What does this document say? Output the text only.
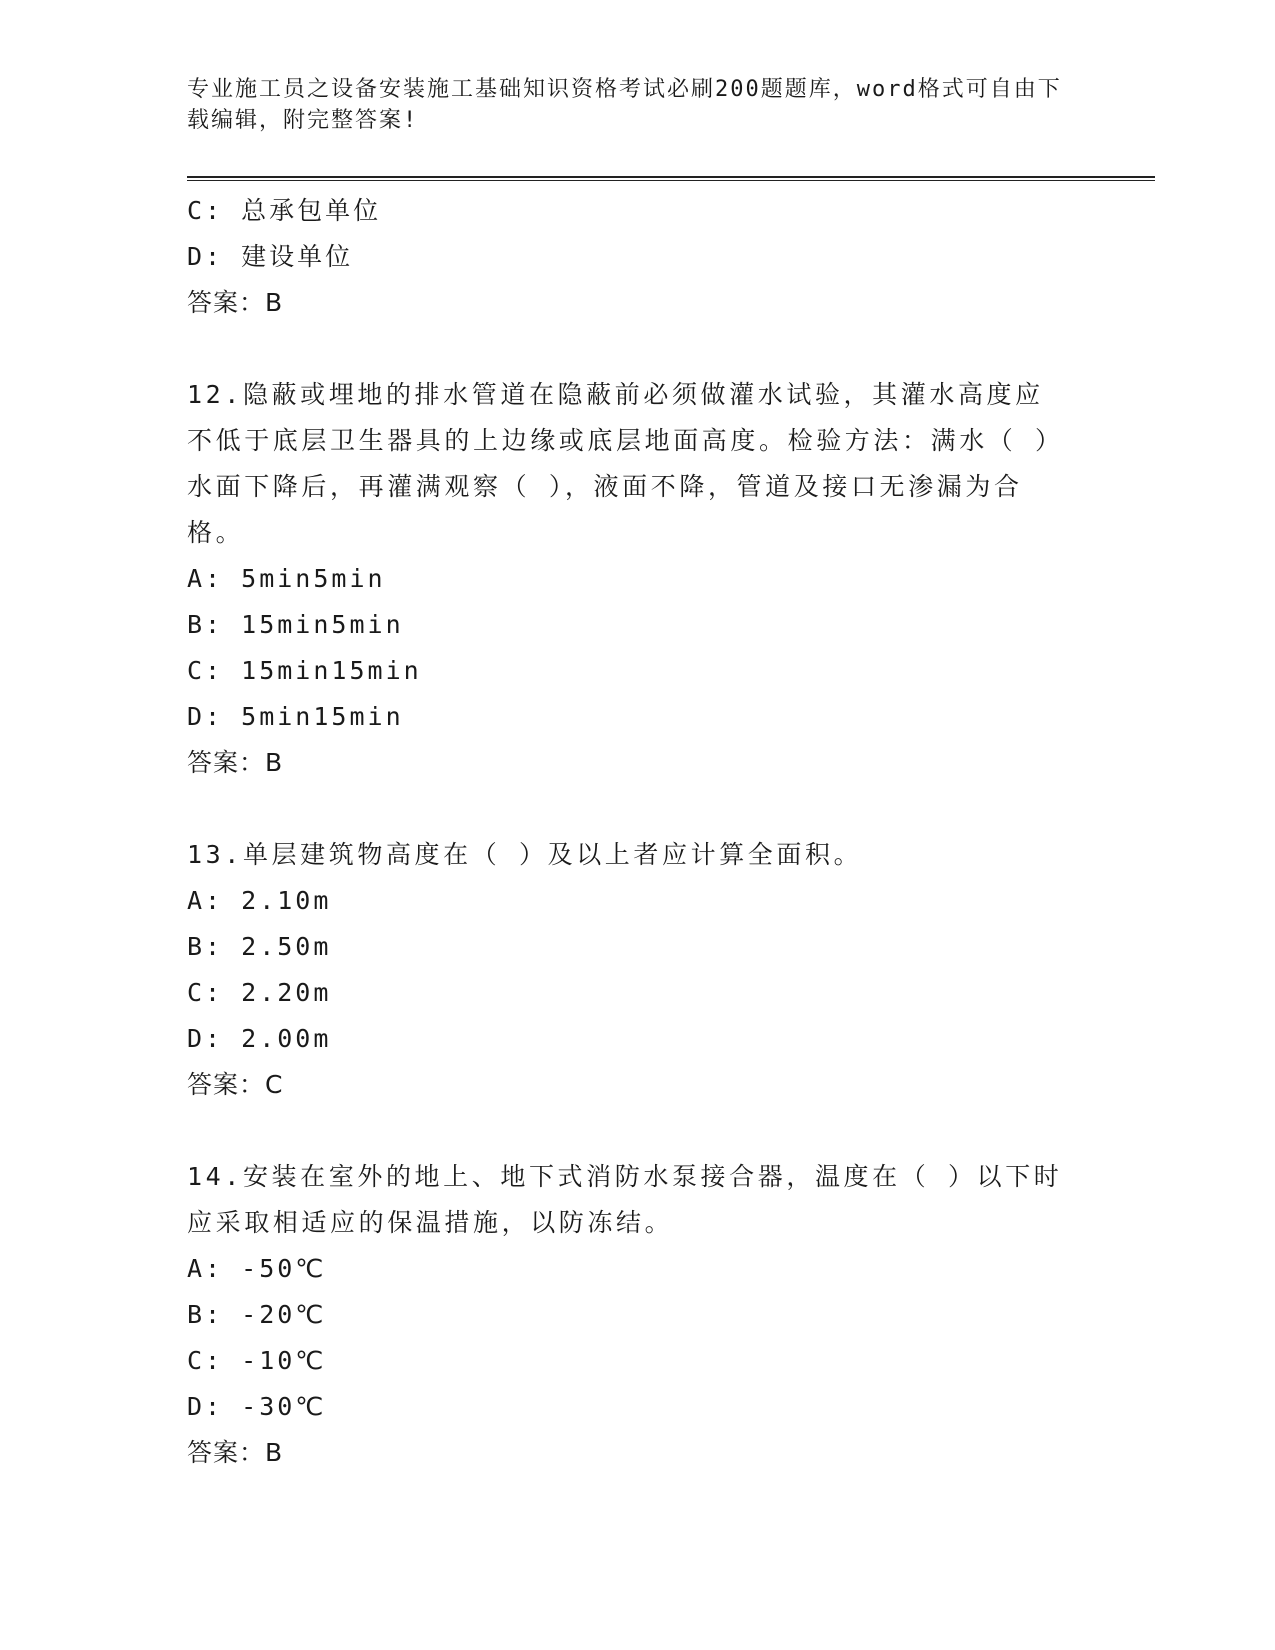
专业施工员之设备安装施工基础知识资格考试必刷200题题库，word格式可自由下载编辑，附完整答案!
C: 总承包单位
D: 建设单位
答案：B
12.隐蔽或埋地的排水管道在隐蔽前必须做灌水试验，其灌水高度应不低于底层卫生器具的上边缘或底层地面高度。检验方法：满水（ ）水面下降后，再灌满观察（ ），液面不降，管道及接口无渗漏为合格。
A: 5min5min
B: 15min5min
C: 15min15min
D: 5min15min
答案：B
13.单层建筑物高度在（ ）及以上者应计算全面积。
A: 2.10m
B: 2.50m
C: 2.20m
D: 2.00m
答案：C
14.安装在室外的地上、地下式消防水泵接合器，温度在（ ）以下时应采取相适应的保温措施，以防冻结。
A: -50℃
B: -20℃
C: -10℃
D: -30℃
答案：B
